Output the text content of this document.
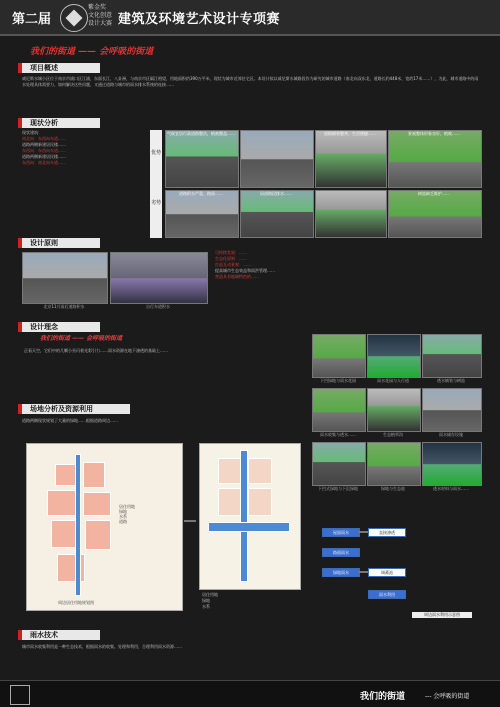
第二届
紫金奖 文化创意 设计大赛 建筑及环境艺术设计专项赛
我们的街道 —— 会呼吸的街道
项目概述
威尼斯水城小区位于南京市浦口区江浦，东面长江，八卦洲，与南京市区隔江相望，用地面积约390万平米，现状为城市近郊住宅区。本设计拟以威尼斯水城路段作为研究的城市道路（南北向双东北、道路长约448米，宽约17米……），为此，城市道路中的雨水处理具体需要力，如何解决这些问题，又通过道路与城市的雨水排水系统的连接……
现状分析
现状建筑：
南北向：东西向车道……
道路两侧新建居民楼……
东西向：东西向车道……
道路两侧新建居民楼……
东西向：南北向车道……
优势
劣势
气候宜居行政道路整洁，植被覆盖……	道路铺装整齐，生活便捷……	景观整体形象良好，植被……
道路积水严重，路面……	局部路段排水……	树池缺乏维护……
设计原则
北京11月雨后道路积水	自行车道积水
可持续发展：……
生态化原则：……
打造互动景观：……
提高城市生态效益和雨洪管理……
营造具有地域特色的……
设计理念
我们的街道 —— 会呼吸的街道
正看天空，它们中的几颗小巫闪着光彩引力……雨水资源在地下渗透的基础上……
下凹绿地与雨水花园	雨水花园与人行道	透水铺装与树池
雨水收集与透水……	生态植草沟	雨水储存设施
下凹式绿地与下沉绿地	绿地与生态池	透水材料与雨水……
场地分析及资源利用
道路两侧现状规划了大量的绿地……根据道路周边……
居住用地
绿地
水系
道路
周边居住用地规划图
居住用地
绿地
水系
屋面雨水	直接渗透
路面雨水
绿地雨水	调蓄池
雨水利用
周边雨水利用示意图
雨水技术
城市雨水收集利用是一种生态技术，根据雨水的收集、处理和利用，合理利用雨水资源……
我们的街道	--- 会呼吸的街道
